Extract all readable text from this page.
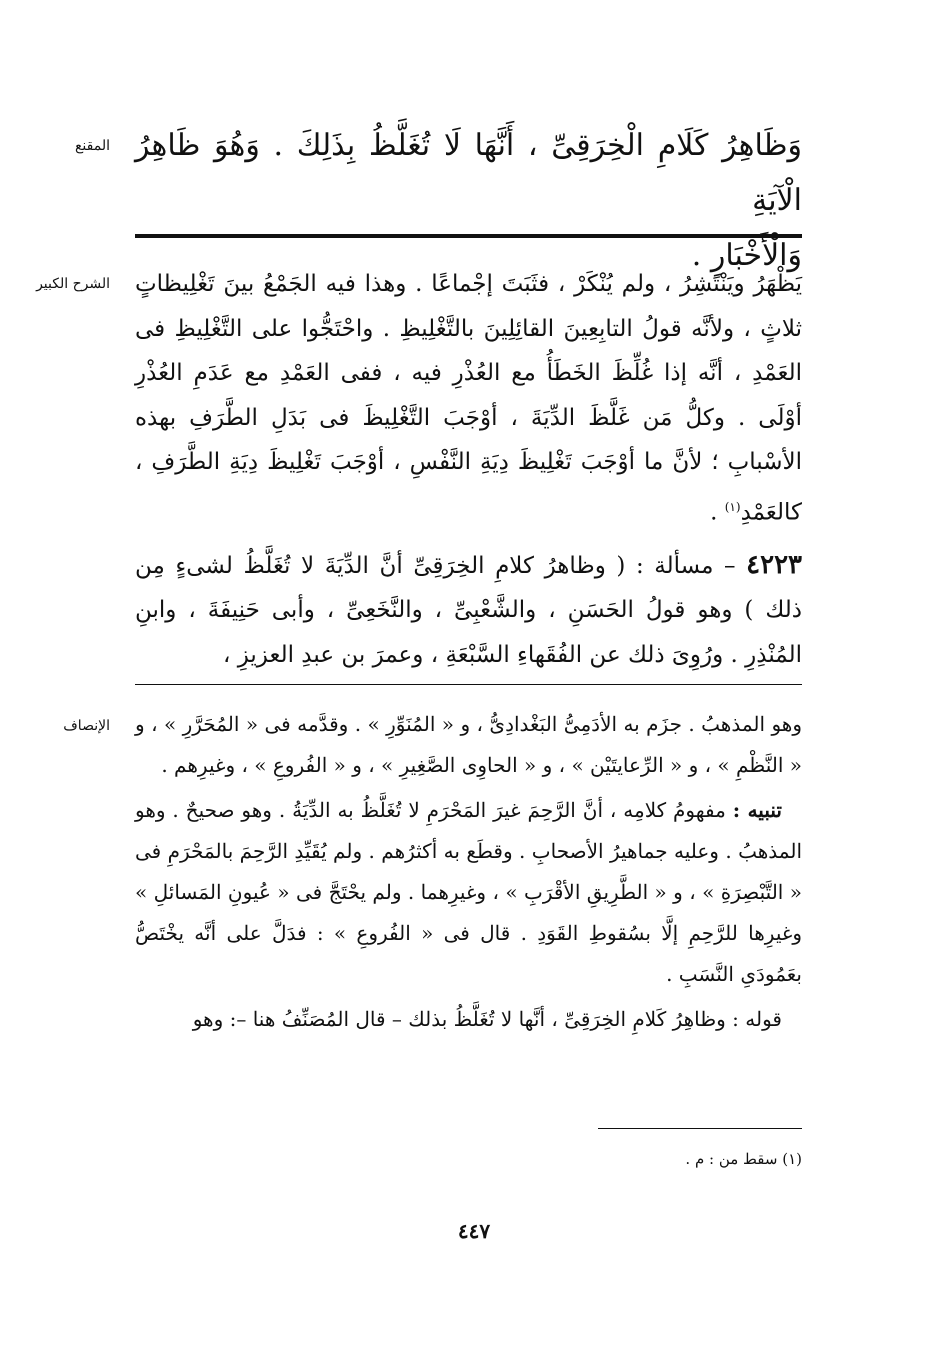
المقنع وَظَاهِرُ كَلَامِ الْخِرَقِىِّ ، أَنَّهَا لَا تُغَلَّظُ بِذَلِكَ . وَهُوَ ظَاهِرُ الْآيَةِ

وَالْأَخْبَارِ .

الشرح الكبير يَظْهَرُ ويَنْتَشِرُ ، ولم يُنْكَرْ ، فثَبَتَ إجْماعًا . وهذا فيه الجَمْعُ بينَ تَغْلِيظاتٍ ثلاثٍ ، ولأنَّه قولُ التابِعِينَ القائِلِينَ بالتَّغْلِيظِ . واحْتَجُّوا على التَّغْلِيظِ فى العَمْدِ ، أنَّه إذا غُلِّظَ الخَطَأُ مع العُذْرِ فيه ، ففى العَمْدِ مع عَدَمِ العُذْرِ أوْلَى . وكلُّ مَن غَلَّظَ الدِّيَةَ ، أوْجَبَ التَّغْلِيظَ فى بَدَلِ الطَّرَفِ بهذه الأسْبابِ ؛ لأنَّ ما أوْجَبَ تَغْلِيظَ دِيَةِ النَّفْسِ ، أوْجَبَ تَغْلِيظَ دِيَةِ الطَّرَفِ ، كالعَمْدِ$^{(١)}$ .

٤٢٢٣ – مسألة : ( وظاهرُ كلامِ الخِرَقِىِّ أنَّ الدِّيَةَ لا تُغَلَّظُ لشىءٍ مِن ذلك ) وهو قولُ الحَسَنِ ، والشَّعْبِىِّ ، والنَّخَعِىِّ ، وأبى حَنِيفَةَ ، وابنِ المُنْذِرِ . ورُوِىَ ذلك عن الفُقَهاءِ السَّبْعَةِ ، وعمرَ بن عبدِ العزيزِ ،

الإنصاف وهو المذهبُ . جزَم به الأدَمِىُّ البَغْدادِىُّ ، و « المُنَوِّرِ » . وقدَّمه فى « المُحَرَّرِ » ، و « النَّظْمِ » ، و « الرِّعايتَيْن » ، و « الحاوِى الصَّغِيرِ » ، و « الفُروعِ » ، وغيرِهم .

تنبيه : مفهومُ كلامِه ، أنَّ الرَّحِمَ غيرَ المَحْرَمِ لا تُغَلَّظُ به الدِّيَةُ . وهو صحيحٌ . وهو المذهبُ . وعليه جماهيرُ الأصحابِ . وقطَع به أكثرُهم . ولم يُقَيِّدِ الرَّحِمَ بالمَحْرَمِ فى « التَّبْصِرَةِ » ، و « الطَّرِيقِ الأقْرَبِ » ، وغيرِهما . ولم يحْتَجَّ فى « عُيونِ المَسائلِ » وغيرِها للرَّحِمِ إلَّا بسُقوطِ القَوَدِ . قال فى « الفُروعِ » : فدَلَّ على أنَّه يخْتَصُّ بعَمُودَىِ النَّسَبِ .

قوله : وظاهِرُ كَلامِ الخِرَقِىِّ ، أنَّها لا تُغَلَّظُ بذلك – قال المُصَنِّفُ هنا –: وهو

(١) سقط من : م .
٤٤٧
